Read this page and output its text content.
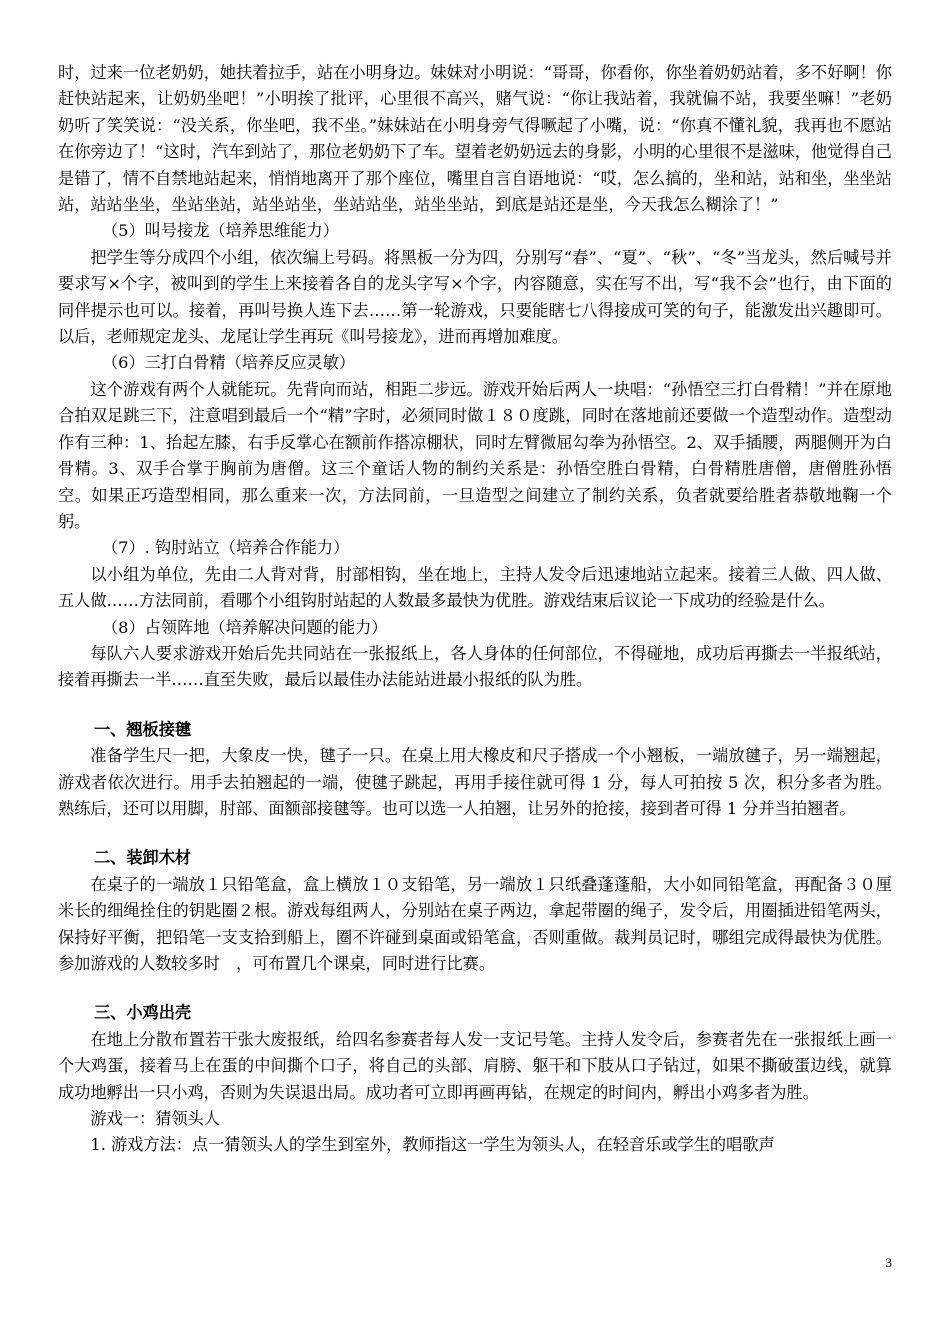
时，过来一位老奶奶，她扶着拉手，站在小明身边。妹妹对小明说：“哥哥，你看你，你坐着奶奶站着，多不好啊！你赶快站起来，让奶奶坐吧！”小明挨了批评，心里很不高兴，赌气说：“你让我站着，我就偏不站，我要坐嘛！”老奶奶听了笑笑说：“没关系，你坐吧，我不坐。”妹妹站在小明身旁气得噘起了小嘴，说：“你真不懂礼貌，我再也不愿站在你旁边了！“这时，汽车到站了，那位老奶奶下了车。望着老奶奶远去的身影，小明的心里很不是滋味，他觉得自己是错了，情不自禁地站起来，悄悄地离开了那个座位，嘴里自言自语地说：“哎，怎么搞的，坐和站，站和坐，坐坐站站，站站坐坐，坐站坐站，站坐站坐，坐站站坐，站坐坐站，到底是站还是坐，今天我怎么糊涂了！”

（5）叫号接龙（培养思维能力）

把学生等分成四个小组，依次编上号码。将黑板一分为四，分别写“春”、“夏”、“秋”、“冬”当龙头，然后喊号并要求写×个字，被叫到的学生上来接着各自的龙头字写×个字，内容随意，实在写不出，写“我不会”也行，由下面的同伴提示也可以。接着，再叫号换人连下去……第一轮游戏，只要能瞎七八得接成可笑的句子，能激发出兴趣即可。以后，老师规定龙头、龙尾让学生再玩《叫号接龙》，进而再增加难度。

（6）三打白骨精（培养反应灵敏）

这个游戏有两个人就能玩。先背向而站，相距二步远。游戏开始后两人一块唱：“孙悟空三打白骨精！”并在原地合拍双足跳三下，注意唱到最后一个“精”字时，必须同时做１８０度跳，同时在落地前还要做一个造型动作。造型动作有三种：1、抬起左膝，右手反掌心在额前作搭凉棚状，同时左臂微屈勾拳为孙悟空。2、双手插腰，两腿侧开为白骨精。3、双手合掌于胸前为唐僧。这三个童话人物的制约关系是：孙悟空胜白骨精，白骨精胜唐僧，唐僧胜孙悟空。如果正巧造型相同，那么重来一次，方法同前，一旦造型之间建立了制约关系，负者就要给胜者恭敬地鞠一个躬。

（7）. 钩肘站立（培养合作能力）

以小组为单位，先由二人背对背，肘部相钩，坐在地上，主持人发令后迅速地站立起来。接着三人做、四人做、五人做……方法同前，看哪个小组钩肘站起的人数最多最快为优胜。游戏结束后议论一下成功的经验是什么。

（8）占领阵地（培养解决问题的能力）

每队六人要求游戏开始后先共同站在一张报纸上，各人身体的任何部位，不得碰地，成功后再撕去一半报纸站，接着再撕去一半……直至失败，最后以最佳办法能站进最小报纸的队为胜。

一、翘板接毽

准备学生尺一把，大象皮一快，毽子一只。在桌上用大橡皮和尺子搭成一个小翘板，一端放毽子，另一端翘起，游戏者依次进行。用手去拍翘起的一端，使毽子跳起，再用手接住就可得 1 分，每人可拍按 5 次，积分多者为胜。熟练后，还可以用脚，肘部、面额部接毽等。也可以选一人拍翘，让另外的抢接，接到者可得 1 分并当拍翘者。

二、装卸木材

在桌子的一端放１只铅笔盒，盒上横放１０支铅笔，另一端放１只纸叠蓬蓬船，大小如同铅笔盒，再配备３０厘米长的细绳拴住的钥匙圈２根。游戏每组两人，分别站在桌子两边，拿起带圈的绳子，发令后，用圈插进铅笔两头，保持好平衡，把铅笔一支支拾到船上，圈不许碰到桌面或铅笔盒，否则重做。裁判员记时，哪组完成得最快为优胜。参加游戏的人数较多时　，可布置几个课桌，同时进行比赛。

三、小鸡出壳

在地上分散布置若干张大废报纸，给四名参赛者每人发一支记号笔。主持人发令后，参赛者先在一张报纸上画一个大鸡蛋，接着马上在蛋的中间撕个口子，将自己的头部、肩膀、躯干和下肢从口子钻过，如果不撕破蛋边线，就算成功地孵出一只小鸡，否则为失误退出局。成功者可立即再画再钻，在规定的时间内，孵出小鸡多者为胜。

游戏一：猜领头人

1. 游戏方法：点一猜领头人的学生到室外，教师指这一学生为领头人，在轻音乐或学生的唱歌声

3
